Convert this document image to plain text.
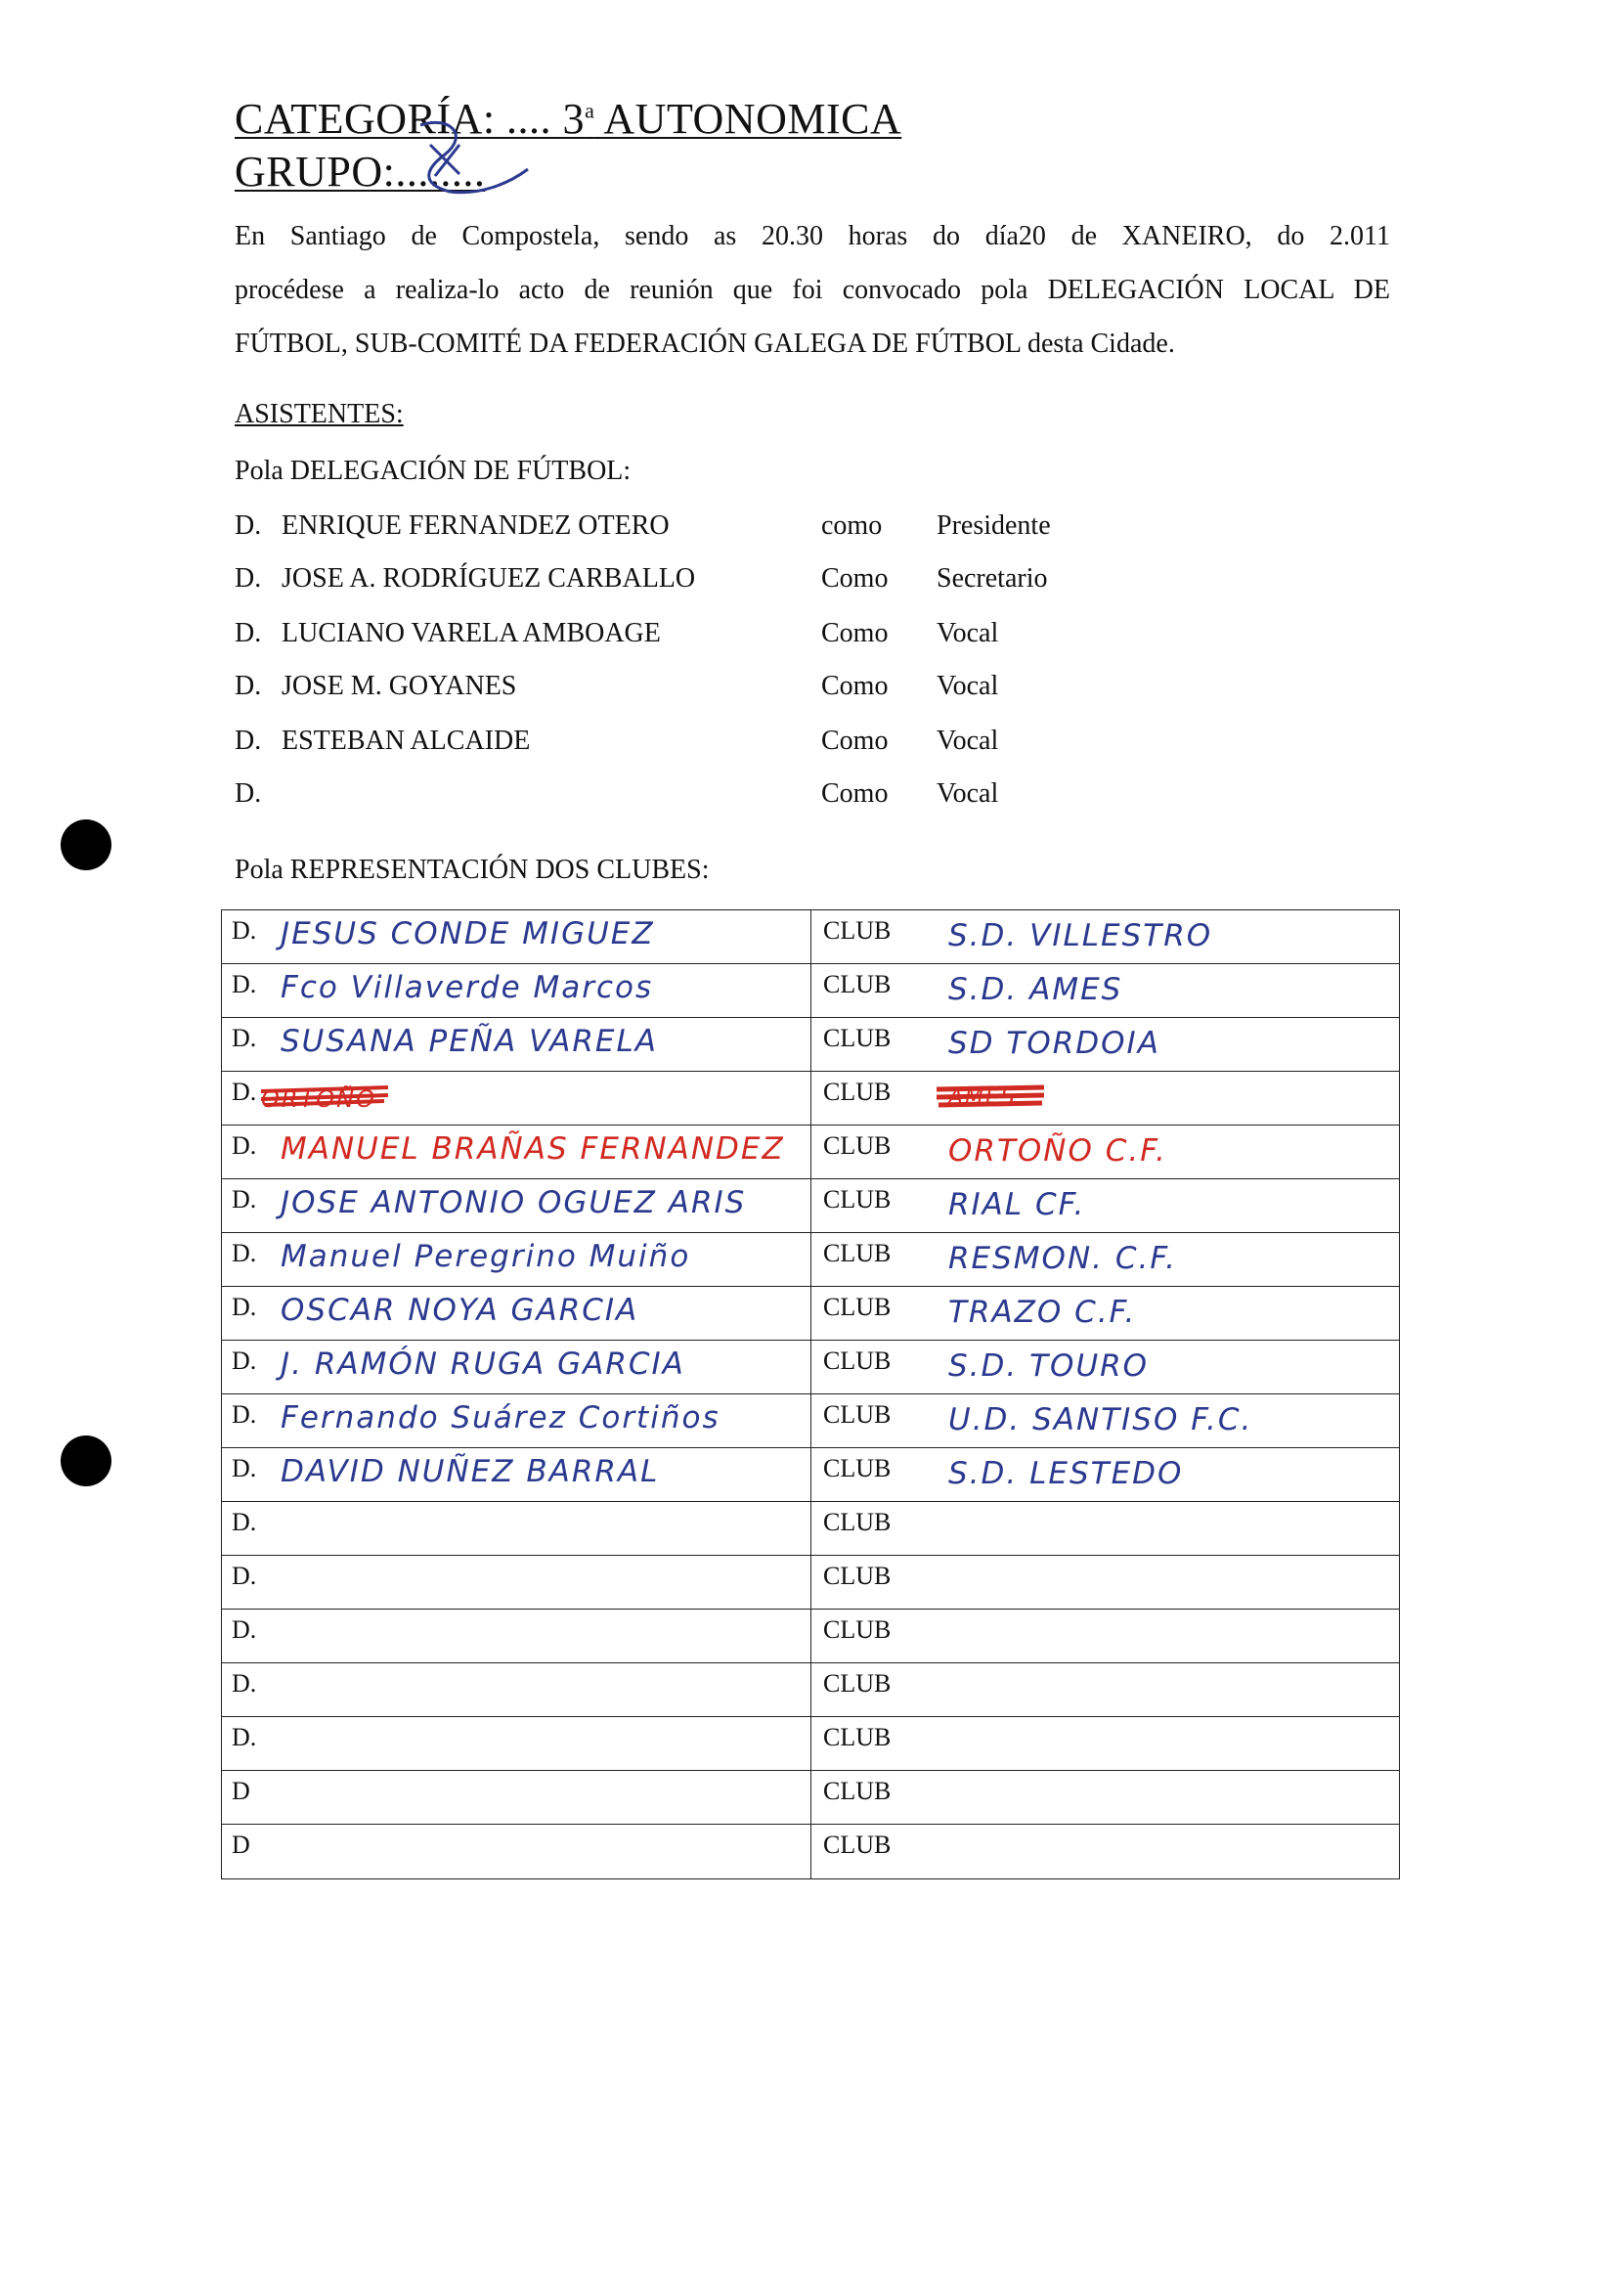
CATEGORÍA: .... 3$^a$ AUTONOMICA
GRUPO:........

En Santiago de Compostela, sendo as 20.30 horas do día20 de XANEIRO, do 2.011

procédese a realiza-lo acto de reunión que foi convocado pola DELEGACIÓN LOCAL DE

FÚTBOL, SUB-COMITÉ DA FEDERACIÓN GALEGA DE FÚTBOL desta Cidade.

ASISTENTES:
Pola DELEGACIÓN DE FÚTBOL:
D. ENRIQUE FERNANDEZ OTERO	como Presidente
D. JOSE A. RODRÍGUEZ CARBALLO	Como Secretario
D. LUCIANO VARELA AMBOAGE	Como Vocal
D. JOSE M. GOYANES	Como Vocal
D. ESTEBAN ALCAIDE	Como Vocal
D.	Como Vocal
Pola REPRESENTACIÓN DOS CLUBES:
D. JESUS CONDE MIGUEZ	CLUB S.D. VILLESTRO
D. Fco Villaverde Marcos	CLUB S.D. AMES
D. SUSANA PEÑA VARELA	CLUB SD TORDOIA
D. ORTOÑO	CLUB	AMES
D. MANUEL BRAÑAS FERNANDEZ CLUB ORTOÑO C.F.
D. JOSE ANTONIO OGUEZ ARIS	CLUB RIAL CF.
D. Manuel Peregrino Muiño	CLUB RESMON. C.F.
D. OSCAR NOYA GARCIA	CLUB TRAZO C.F.
D. J. RAMÓN RUGA GARCIA	CLUB S.D. TOURO
D. Fernando Suárez Cortiños	CLUB U.D. SANTISO F.C.
D. DAVID NUÑEZ BARRAL	CLUB S.D. LESTEDO
D.	CLUB
D.	CLUB
D.	CLUB
D.	CLUB
D.	CLUB
D	CLUB
D	CLUB
